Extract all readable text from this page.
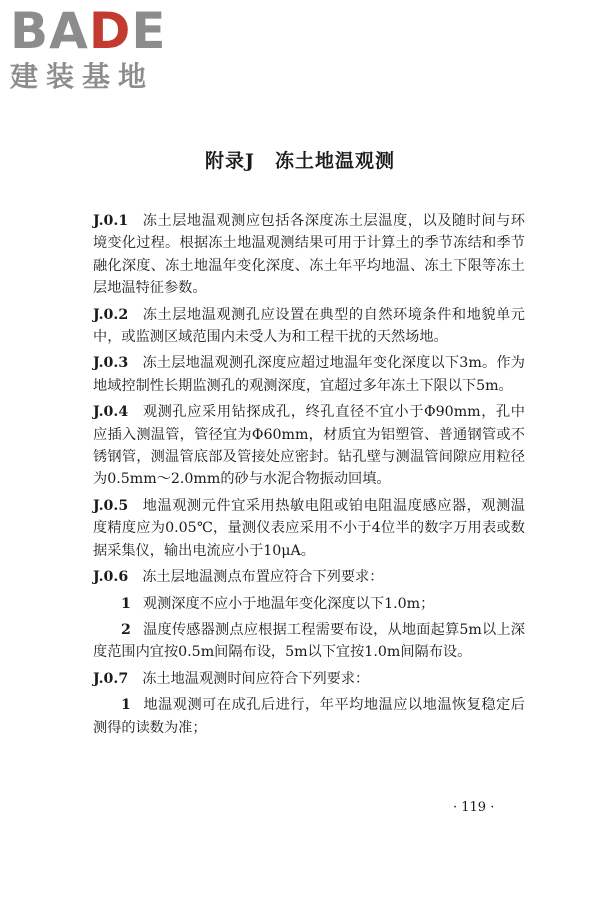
BADE

建装基地

附录J　冻土地温观测

J.0.1 冻土层地温观测应包括各深度冻土层温度，以及随时间与环境变化过程。根据冻土地温观测结果可用于计算土的季节冻结和季节融化深度、冻土地温年变化深度、冻土年平均地温、冻土下限等冻土层地温特征参数。

J.0.2 冻土层地温观测孔应设置在典型的自然环境条件和地貌单元中，或监测区域范围内未受人为和工程干扰的天然场地。

J.0.3 冻土层地温观测孔深度应超过地温年变化深度以下3m。作为地域控制性长期监测孔的观测深度，宜超过多年冻土下限以下5m。

J.0.4 观测孔应采用钻探成孔，终孔直径不宜小于Φ90mm，孔中应插入测温管，管径宜为Φ60mm，材质宜为铝塑管、普通钢管或不锈钢管，测温管底部及管接处应密封。钻孔壁与测温管间隙应用粒径为0.5mm～2.0mm的砂与水泥合物振动回填。

J.0.5 地温观测元件宜采用热敏电阻或铂电阻温度感应器，观测温度精度应为0.05℃，量测仪表应采用不小于4位半的数字万用表或数据采集仪，输出电流应小于10μA。

J.0.6 冻土层地温测点布置应符合下列要求：

1 观测深度不应小于地温年变化深度以下1.0m；

2 温度传感器测点应根据工程需要布设，从地面起算5m以上深度范围内宜按0.5m间隔布设，5m以下宜按1.0m间隔布设。

J.0.7 冻土地温观测时间应符合下列要求：

1 地温观测可在成孔后进行，年平均地温应以地温恢复稳定后测得的读数为准；

· 119 ·
